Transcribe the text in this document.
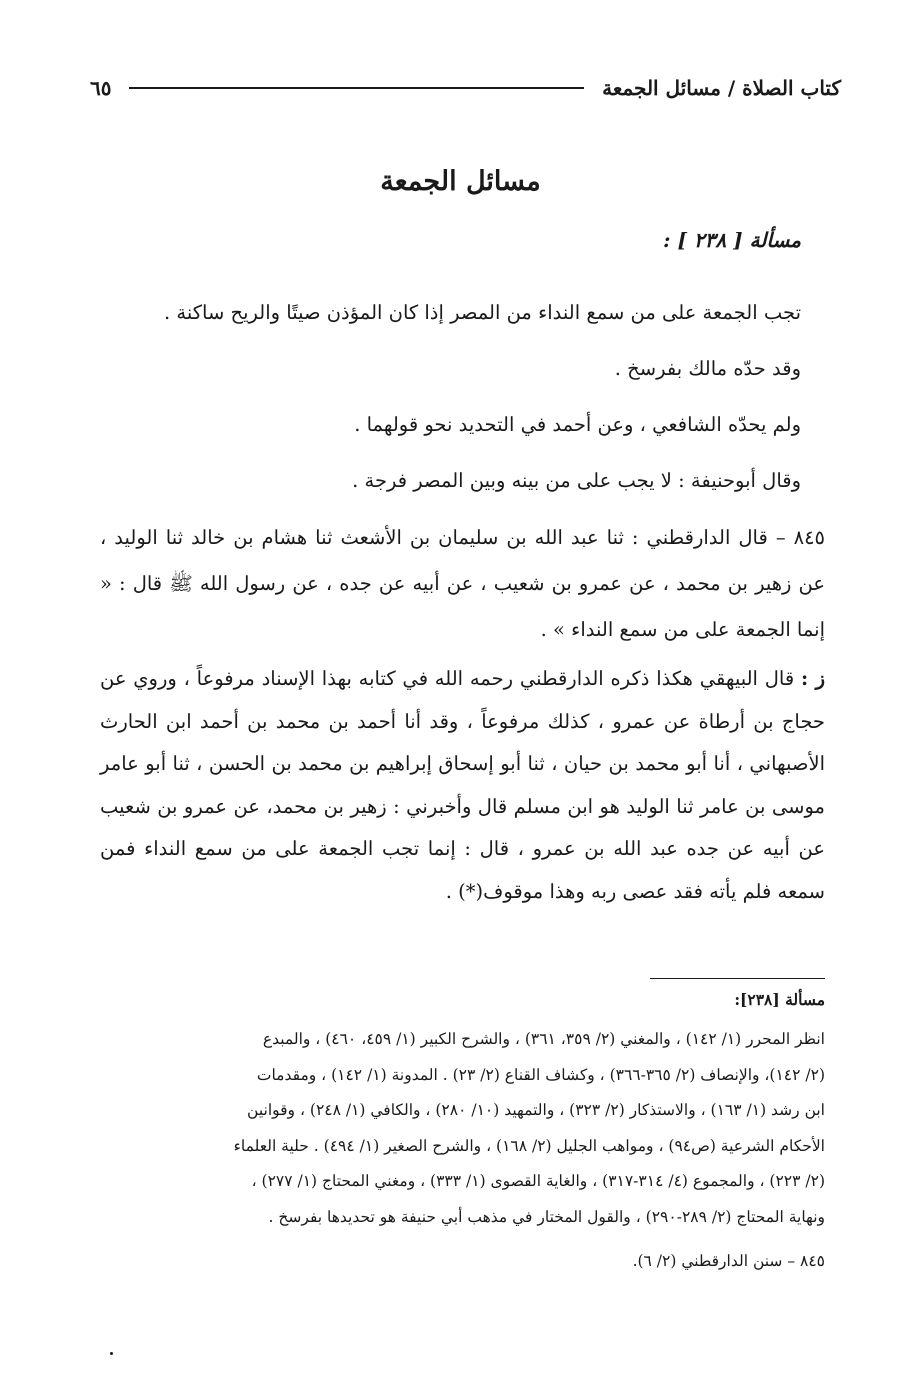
كتاب الصلاة / مسائل الجمعة
٦٥
مسائل الجمعة
مسألة [ ٢٣٨ ] :
تجب الجمعة على من سمع النداء من المصر إذا كان المؤذن صيتًا والريح ساكنة .
وقد حدّه مالك بفرسخ .
ولم يحدّه الشافعي ، وعن أحمد في التحديد نحو قولهما .
وقال أبوحنيفة : لا يجب على من بينه وبين المصر فرجة .
٨٤٥ – قال الدارقطني : ثنا عبد الله بن سليمان بن الأشعث ثنا هشام بن خالد ثنا الوليد ، عن زهير بن محمد ، عن عمرو بن شعيب ، عن أبيه عن جده ، عن رسول الله ﷺ قال : « إنما الجمعة على من سمع النداء » .
ز : قال البيهقي هكذا ذكره الدارقطني رحمه الله في كتابه بهذا الإسناد مرفوعاً ، وروي عن حجاج بن أرطاة عن عمرو ، كذلك مرفوعاً ، وقد أنا أحمد بن محمد بن أحمد ابن الحارث الأصبهاني ، أنا أبو محمد بن حيان ، ثنا أبو إسحاق إبراهيم بن محمد بن الحسن ، ثنا أبو عامر موسى بن عامر ثنا الوليد هو ابن مسلم قال وأخبرني : زهير بن محمد، عن عمرو بن شعيب عن أبيه عن جده عبد الله بن عمرو ، قال : إنما تجب الجمعة على من سمع النداء فمن سمعه فلم يأته فقد عصى ربه وهذا موقوف(*) .
مسألة [٢٣٨]:
انظر المحرر (١/ ١٤٢) ، والمغني (٢/ ٣٥٩، ٣٦١) ، والشرح الكبير (١/ ٤٥٩، ٤٦٠) ، والمبدع
(٢/ ١٤٢)، والإنصاف (٢/ ٣٦٥-٣٦٦) ، وكشاف القناع (٢/ ٢٣) . المدونة (١/ ١٤٢) ، ومقدمات
ابن رشد (١/ ١٦٣) ، والاستذكار (٢/ ٣٢٣) ، والتمهيد (١٠/ ٢٨٠) ، والكافي (١/ ٢٤٨) ، وقوانين
الأحكام الشرعية (ص٩٤) ، ومواهب الجليل (٢/ ١٦٨) ، والشرح الصغير (١/ ٤٩٤) . حلية العلماء
(٢/ ٢٢٣) ، والمجموع (٤/ ٣١٤-٣١٧) ، والغاية القصوى (١/ ٣٣٣) ، ومغني المحتاج (١/ ٢٧٧) ،
ونهاية المحتاج (٢/ ٢٨٩-٢٩٠) ، والقول المختار في مذهب أبي حنيفة هو تحديدها بفرسخ .
٨٤٥ – سنن الدارقطني (٢/ ٦).
